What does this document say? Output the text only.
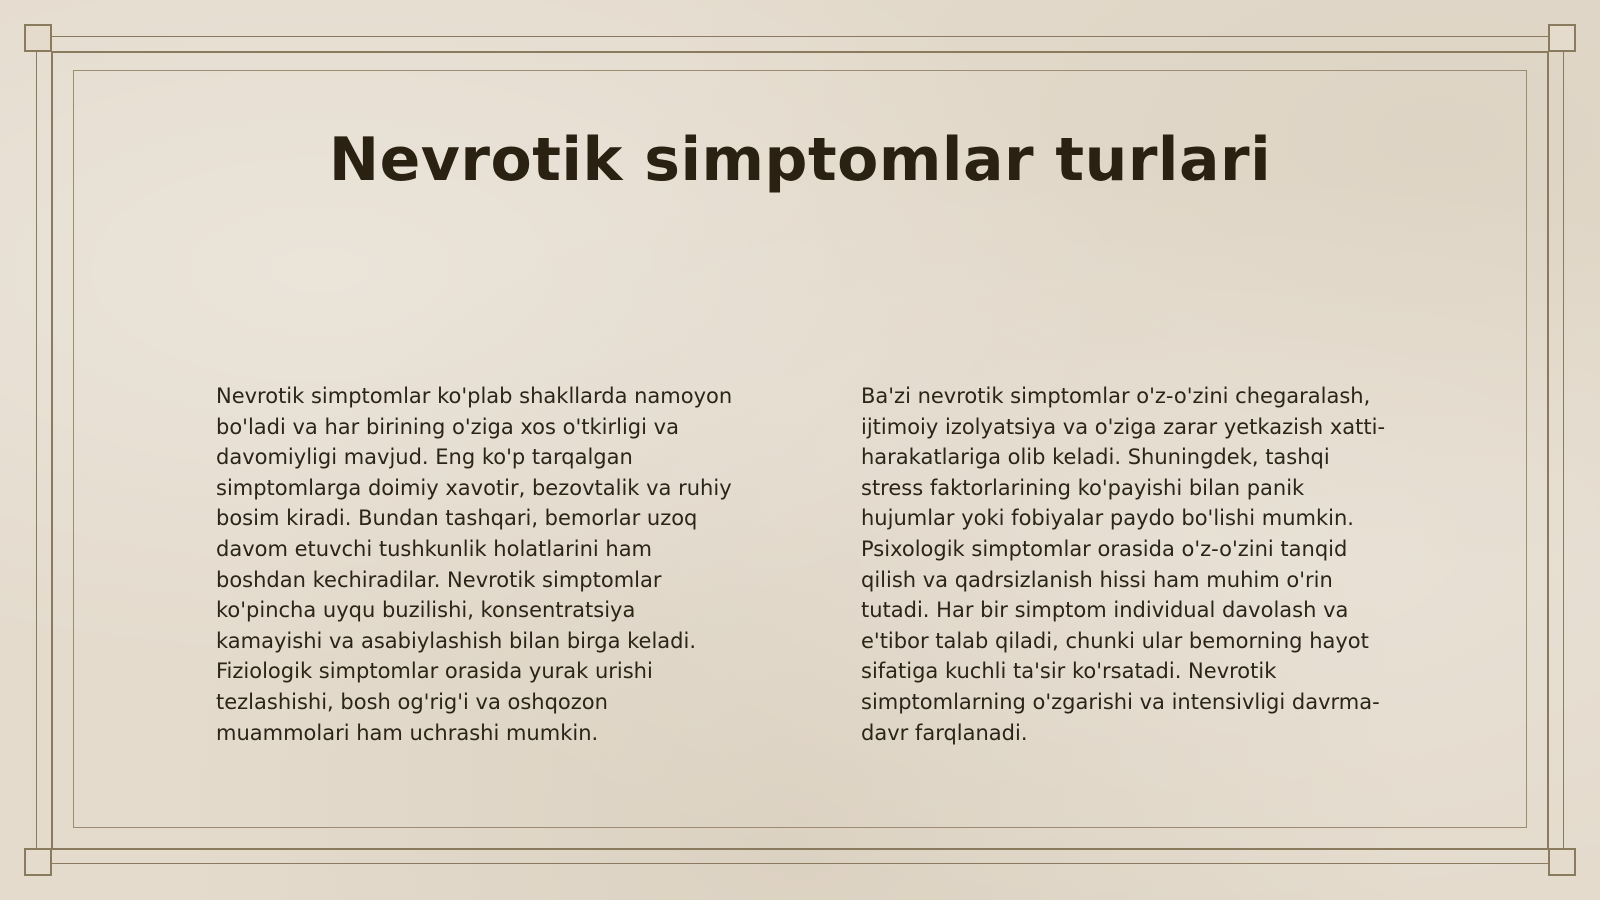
Nevrotik simptomlar turlari

Nevrotik simptomlar ko'plab shakllarda namoyon bo'ladi va har birining o'ziga xos o'tkirligi va davomiyligi mavjud. Eng ko'p tarqalgan simptomlarga doimiy xavotir, bezovtalik va ruhiy bosim kiradi. Bundan tashqari, bemorlar uzoq davom etuvchi tushkunlik holatlarini ham boshdan kechiradilar. Nevrotik simptomlar ko'pincha uyqu buzilishi, konsentratsiya kamayishi va asabiylashish bilan birga keladi. Fiziologik simptomlar orasida yurak urishi tezlashishi, bosh og'rig'i va oshqozon muammolari ham uchrashi mumkin.

Ba'zi nevrotik simptomlar o'z-o'zini chegaralash, ijtimoiy izolyatsiya va o'ziga zarar yetkazish xatti-harakatlariga olib keladi. Shuningdek, tashqi stress faktorlarining ko'payishi bilan panik hujumlar yoki fobiyalar paydo bo'lishi mumkin. Psixologik simptomlar orasida o'z-o'zini tanqid qilish va qadrsizlanish hissi ham muhim o'rin tutadi. Har bir simptom individual davolash va e'tibor talab qiladi, chunki ular bemorning hayot sifatiga kuchli ta'sir ko'rsatadi. Nevrotik simptomlarning o'zgarishi va intensivligi davrma-davr farqlanadi.
